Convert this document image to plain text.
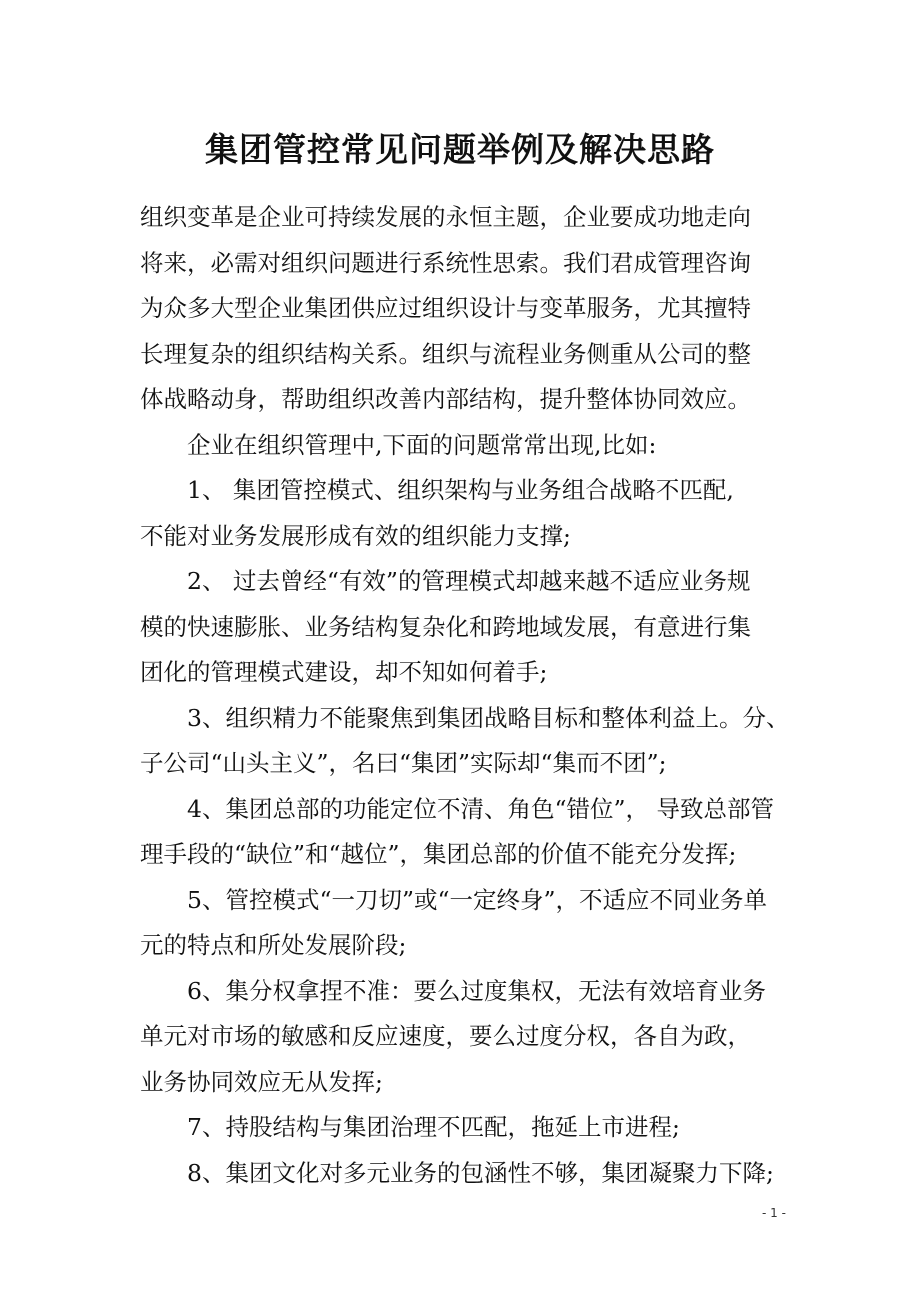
集团管控常见问题举例及解决思路

组织变革是企业可持续发展的永恒主题，企业要成功地走向
将来，必需对组织问题进行系统性思索。我们君成管理咨询
为众多大型企业集团供应过组织设计与变革服务，尤其擅特
长理复杂的组织结构关系。组织与流程业务侧重从公司的整
体战略动身，帮助组织改善内部结构，提升整体协同效应。

企业在组织管理中,下面的问题常常出现,比如:

1、 集团管控模式、组织架构与业务组合战略不匹配,
不能对业务发展形成有效的组织能力支撑;

2、 过去曾经“有效”的管理模式却越来越不适应业务规
模的快速膨胀、业务结构复杂化和跨地域发展，有意进行集
团化的管理模式建设，却不知如何着手;

3、组织精力不能聚焦到集团战略目标和整体利益上。分、
子公司“山头主义”，名曰“集团”实际却“集而不团”;

4、集团总部的功能定位不清、角色“错位”， 导致总部管
理手段的“缺位”和“越位”，集团总部的价值不能充分发挥;

5、管控模式“一刀切”或“一定终身”，不适应不同业务单
元的特点和所处发展阶段;

6、集分权拿捏不准：要么过度集权，无法有效培育业务
单元对市场的敏感和反应速度，要么过度分权，各自为政，
业务协同效应无从发挥;

7、持股结构与集团治理不匹配，拖延上市进程;

8、集团文化对多元业务的包涵性不够，集团凝聚力下降;

- 1 -
